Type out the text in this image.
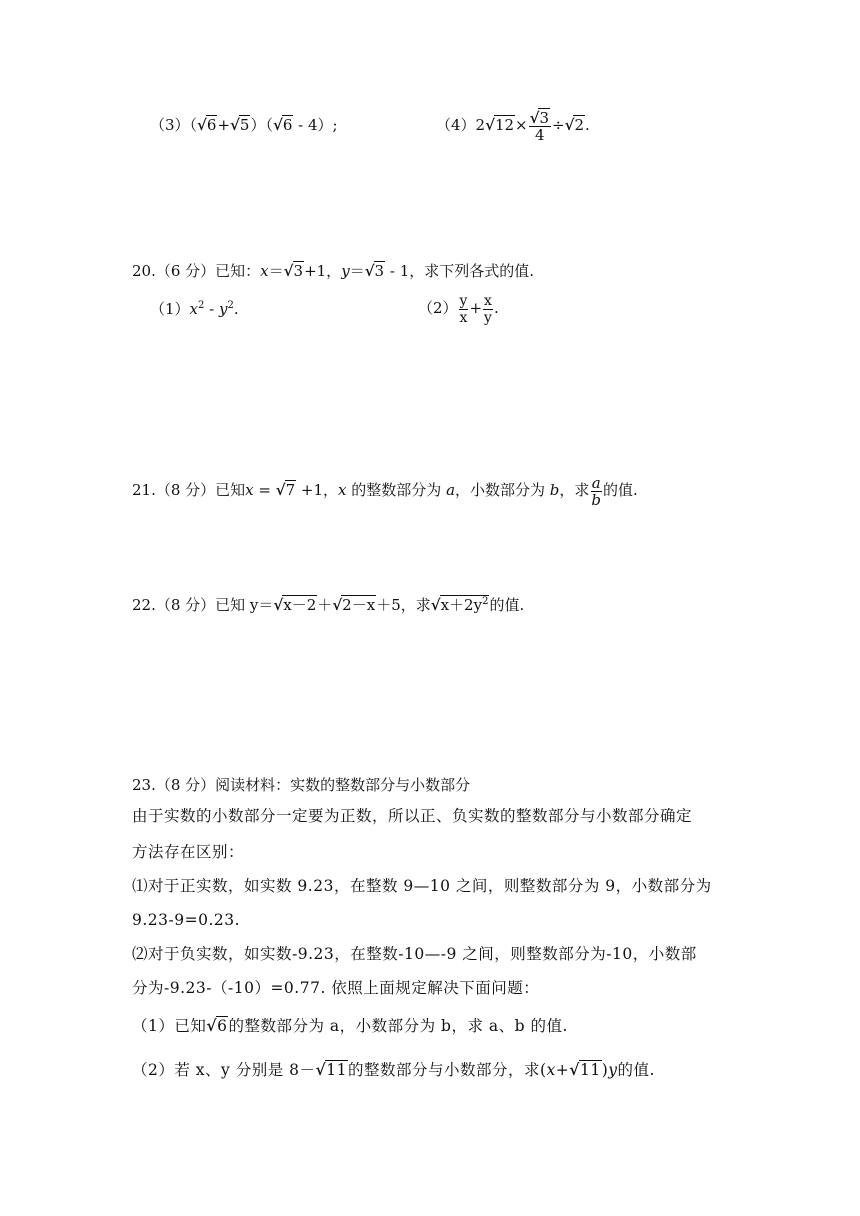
（3）（√6+√5）（√6 - 4）;	$(4)2√12\times \frac{√3}{4} \div√2$.
20.（6 分）已知：x＝√3+1，y＝√3 - 1，求下列各式的值.
$(1)x^2 - y^2$.	$(2) \frac{y}{x} + \frac{x}{y}$ .
21.（8 分）已知x = √7 +1，x 的整数部分为 a，小数部分为 b，求 $\frac{a}{b}$ 的值.
22.（8 分）已知 y＝√x－2＋√2－x＋5，求$√x+2y^2$的值.
23.（8 分）阅读材料：实数的整数部分与小数部分
由于实数的小数部分一定要为正数，所以正、负实数的整数部分与小数部分确定
方法存在区别：
⑴对于正实数，如实数 9.23，在整数 9—10 之间，则整数部分为 9，小数部分为
9.23-9=0.23.
⑵对于负实数，如实数-9.23，在整数-10—-9 之间，则整数部分为-10，小数部
分为-9.23-（-10）=0.77. 依照上面规定解决下面问题：
（1）已知√6的整数部分为 a，小数部分为 b，求 a、b 的值.
（2）若 x、y 分别是 8－√11的整数部分与小数部分，求(x+√11)y的值.
